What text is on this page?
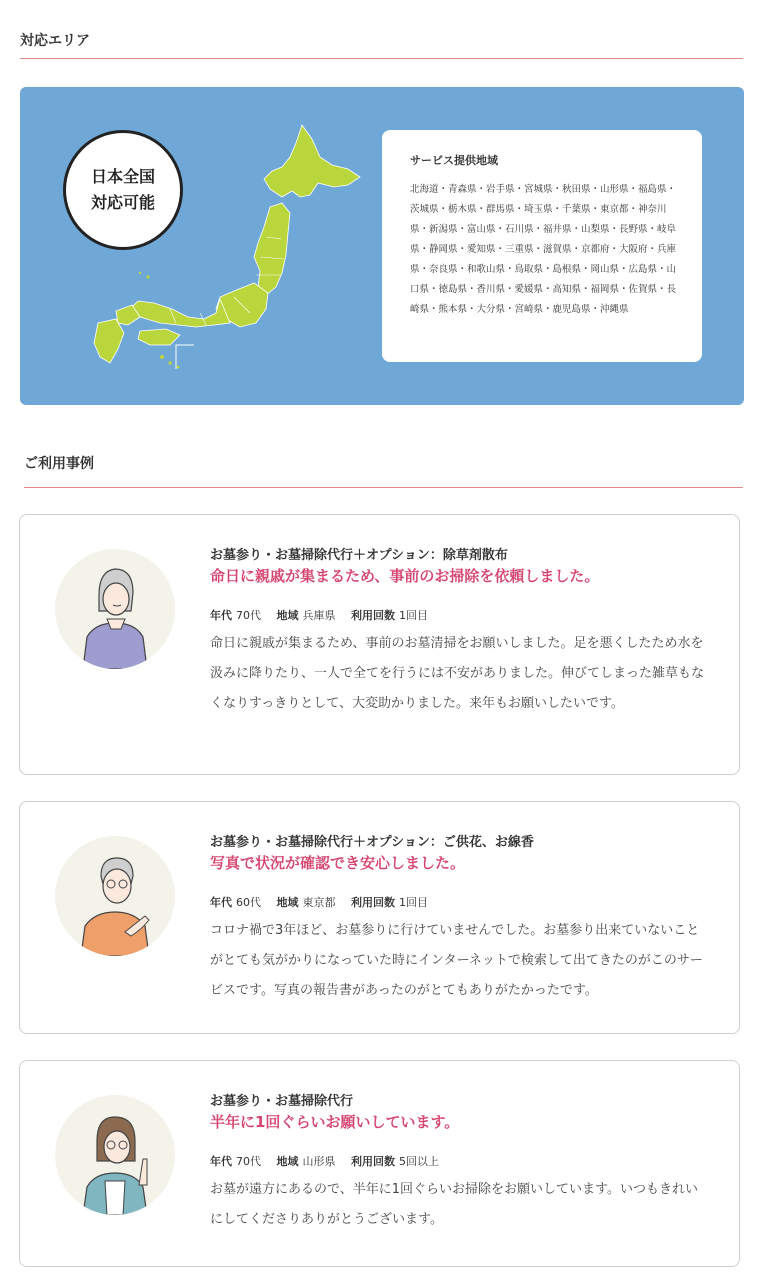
対応エリア
日本全国
対応可能
サービス提供地域
北海道・青森県・岩手県・宮城県・秋田県・山形県・福島県・茨城県・栃木県・群馬県・埼玉県・千葉県・東京都・神奈川県・新潟県・富山県・石川県・福井県・山梨県・長野県・岐阜県・静岡県・愛知県・三重県・滋賀県・京都府・大阪府・兵庫県・奈良県・和歌山県・鳥取県・島根県・岡山県・広島県・山口県・徳島県・香川県・愛媛県・高知県・福岡県・佐賀県・長崎県・熊本県・大分県・宮崎県・鹿児島県・沖縄県
ご利用事例
お墓参り・お墓掃除代行＋オプション：除草剤散布
命日に親戚が集まるため、事前のお掃除を依頼しました。
年代 70代 地域 兵庫県 利用回数 1回目
命日に親戚が集まるため、事前のお墓清掃をお願いしました。足を悪くしたため水を汲みに降りたり、一人で全てを行うには不安がありました。伸びてしまった雑草もなくなりすっきりとして、大変助かりました。来年もお願いしたいです。
お墓参り・お墓掃除代行＋オプション：ご供花、お線香
写真で状況が確認でき安心しました。
年代 60代 地域 東京都 利用回数 1回目
コロナ禍で3年ほど、お墓参りに行けていませんでした。お墓参り出来ていないことがとても気がかりになっていた時にインターネットで検索して出てきたのがこのサービスです。写真の報告書があったのがとてもありがたかったです。
お墓参り・お墓掃除代行
半年に1回ぐらいお願いしています。
年代 70代 地域 山形県 利用回数 5回以上
お墓が遠方にあるので、半年に1回ぐらいお掃除をお願いしています。いつもきれいにしてくださりありがとうございます。
